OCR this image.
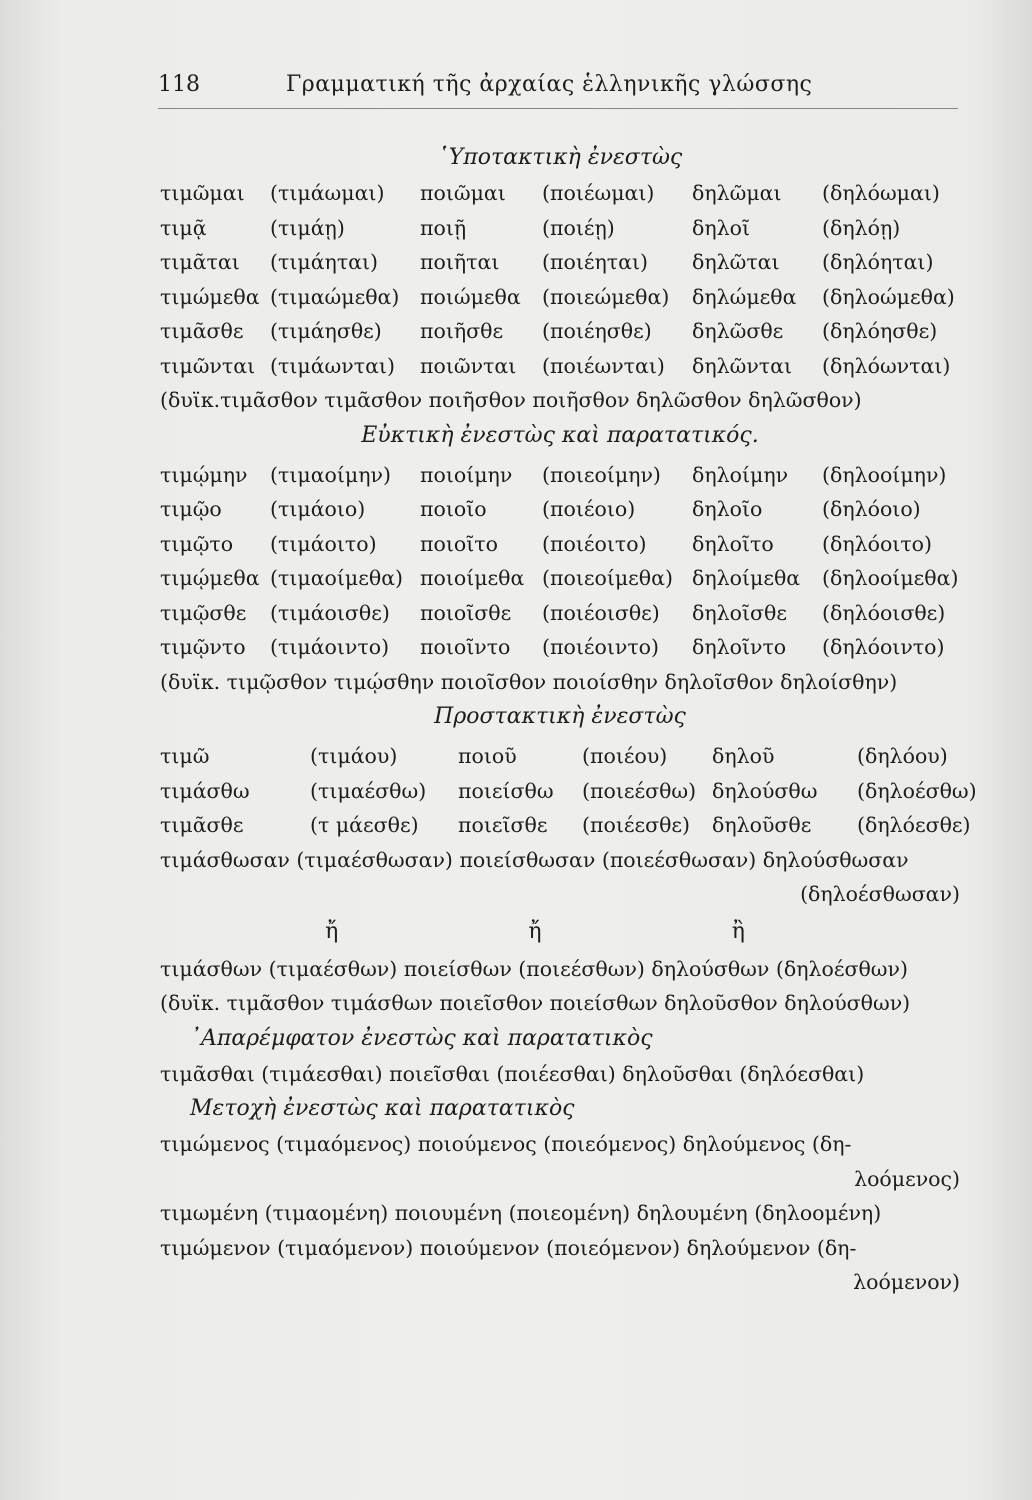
118	Γραμματική τῆς ἀρχαίας ἑλληνικῆς γλώσσης
῾Υποτακτικὴ ἐνεστὼς
τιμῶμαι	(τιμάωμαι)	ποιῶμαι	(ποιέωμαι)	δηλῶμαι	(δηλόωμαι)
τιμᾷ	(τιμάῃ)	ποιῇ	(ποιέῃ)	δηλοῖ	(δηλόῃ)
τιμᾶται	(τιμάηται)	ποιῆται	(ποιέηται)	δηλῶται	(δηλόηται)
τιμώμεθα (τιμαώμεθα)	ποιώμεθα	(ποιεώμεθα)	δηλώμεθα	(δηλοώμεθα)
τιμᾶσθε	(τιμάησθε)	ποιῆσθε	(ποιέησθε)	δηλῶσθε	(δηλόησθε)
τιμῶνται (τιμάωνται)	ποιῶνται	(ποιέωνται)	δηλῶνται	(δηλόωνται)
(δυϊκ.τιμᾶσθον τιμᾶσθον ποιῆσθον ποιῆσθον δηλῶσθον δηλῶσθον)
Εὐκτικὴ ἐνεστὼς καὶ παρατατικός.
τιμῴμην	(τιμαοίμην)	ποιοίμην	(ποιεοίμην)	δηλοίμην	(δηλοοίμην)
τιμῷο	(τιμάοιο)	ποιοῖο	(ποιέοιο)	δηλοῖο	(δηλόοιο)
τιμῷτο	(τιμάοιτο)	ποιοῖτο	(ποιέοιτο)	δηλοῖτο	(δηλόοιτο)
τιμῴμεθα (τιμαοίμεθα) ποιοίμεθα (ποιεοίμεθα) δηλοίμεθα	(δηλοοίμεθα)
τιμῷσθε	(τιμάοισθε)	ποιοῖσθε	(ποιέοισθε)	δηλοῖσθε	(δηλόοισθε)
τιμῷντο	(τιμάοιντο)	ποιοῖντο	(ποιέοιντο)	δηλοῖντο	(δηλόοιντο)
(δυϊκ. τιμῷσθον τιμῴσθην ποιοῖσθον ποιοίσθην δηλοῖσθον δηλοίσθην)
Προστακτικὴ ἐνεστὼς
τιμῶ	(τιμάου)	ποιοῦ	(ποιέου)	δηλοῦ	(δηλόου)
τιμάσθω	(τιμαέσθω)	ποιείσθω	(ποιεέσθω) δηλούσθω	(δηλοέσθω)
τιμᾶσθε	(τ μάεσθε)	ποιεῖσθε	(ποιέεσθε)	δηλοῦσθε	(δηλόεσθε)
τιμάσθωσαν (τιμαέσθωσαν) ποιείσθωσαν (ποιεέσθωσαν) δηλούσθωσαν
(δηλοέσθωσαν)
ἤ	ἤ	ἢ
τιμάσθων (τιμαέσθων) ποιείσθων (ποιεέσθων) δηλούσθων (δηλοέσθων)
(δυϊκ. τιμᾶσθον τιμάσθων ποιεῖσθον ποιείσθων δηλοῦσθον δηλούσθων)
᾿Απαρέμφατον ἐνεστὼς καὶ παρατατικὸς
τιμᾶσθαι (τιμάεσθαι) ποιεῖσθαι (ποιέεσθαι) δηλοῦσθαι (δηλόεσθαι)
Μετοχὴ ἐνεστὼς καὶ παρατατικὸς
τιμώμενος (τιμαόμενος) ποιούμενος (ποιεόμενος) δηλούμενος (δη-
λοόμενος)
τιμωμένη (τιμαομένη) ποιουμένη (ποιεομένη) δηλουμένη (δηλοομένη)
τιμώμενον (τιμαόμενον) ποιούμενον (ποιεόμενον) δηλούμενον (δη-
λοόμενον)
